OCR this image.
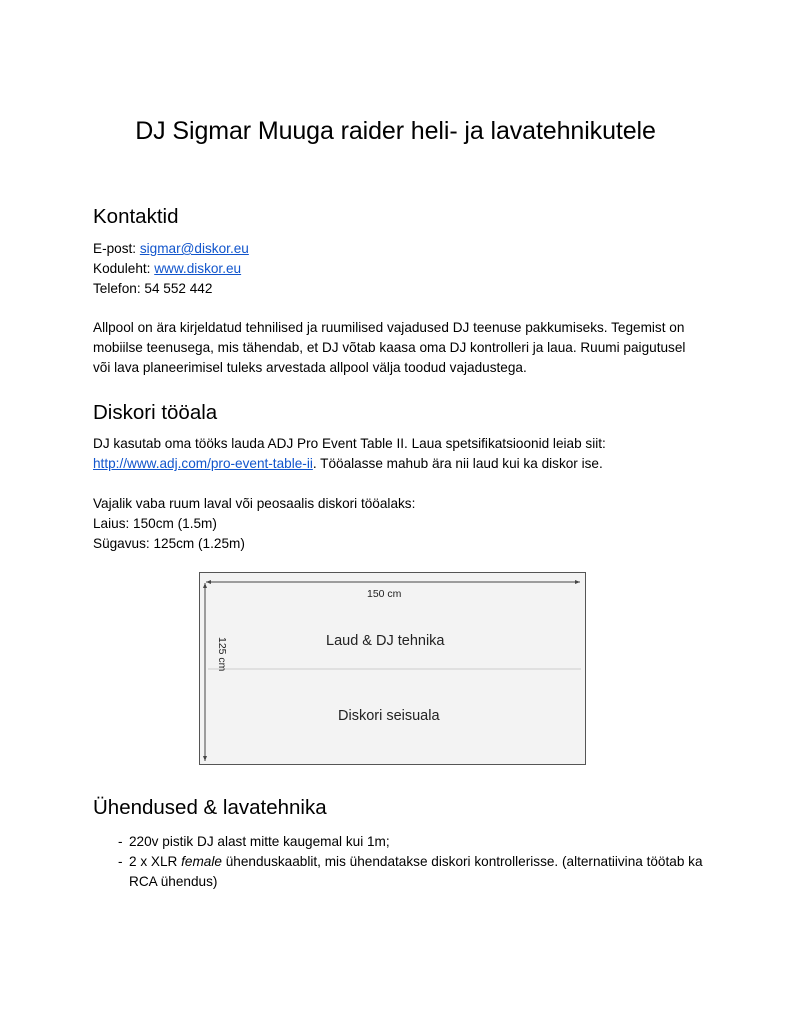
DJ Sigmar Muuga raider heli- ja lavatehnikutele
Kontaktid

E-post: sigmar@diskor.eu

Koduleht: www.diskor.eu

Telefon: 54 552 442

Allpool on ära kirjeldatud tehnilised ja ruumilised vajadused DJ teenuse pakkumiseks. Tegemist on mobiilse teenusega, mis tähendab, et DJ võtab kaasa oma DJ kontrolleri ja laua. Ruumi paigutusel või lava planeerimisel tuleks arvestada allpool välja toodud vajadustega.
Diskori tööala

DJ kasutab oma tööks lauda ADJ Pro Event Table II. Laua spetsifikatsioonid leiab siit:
http://www.adj.com/pro-event-table-ii. Tööalasse mahub ära nii laud kui ka diskor ise.

Vajalik vaba ruum laval või peosaalis diskori tööalaks:

Laius: 150cm (1.5m)

Sügavus: 125cm (1.25m)

150 cm
125 cm	Laud & DJ tehnika
Diskori seisuala
Ühendused & lavatehnika
- 220v pistik DJ alast mitte kaugemal kui 1m;
- 2 x XLR female ühenduskaablit, mis ühendatakse diskori kontrollerisse. (alternatiivina töötab ka RCA ühendus)
